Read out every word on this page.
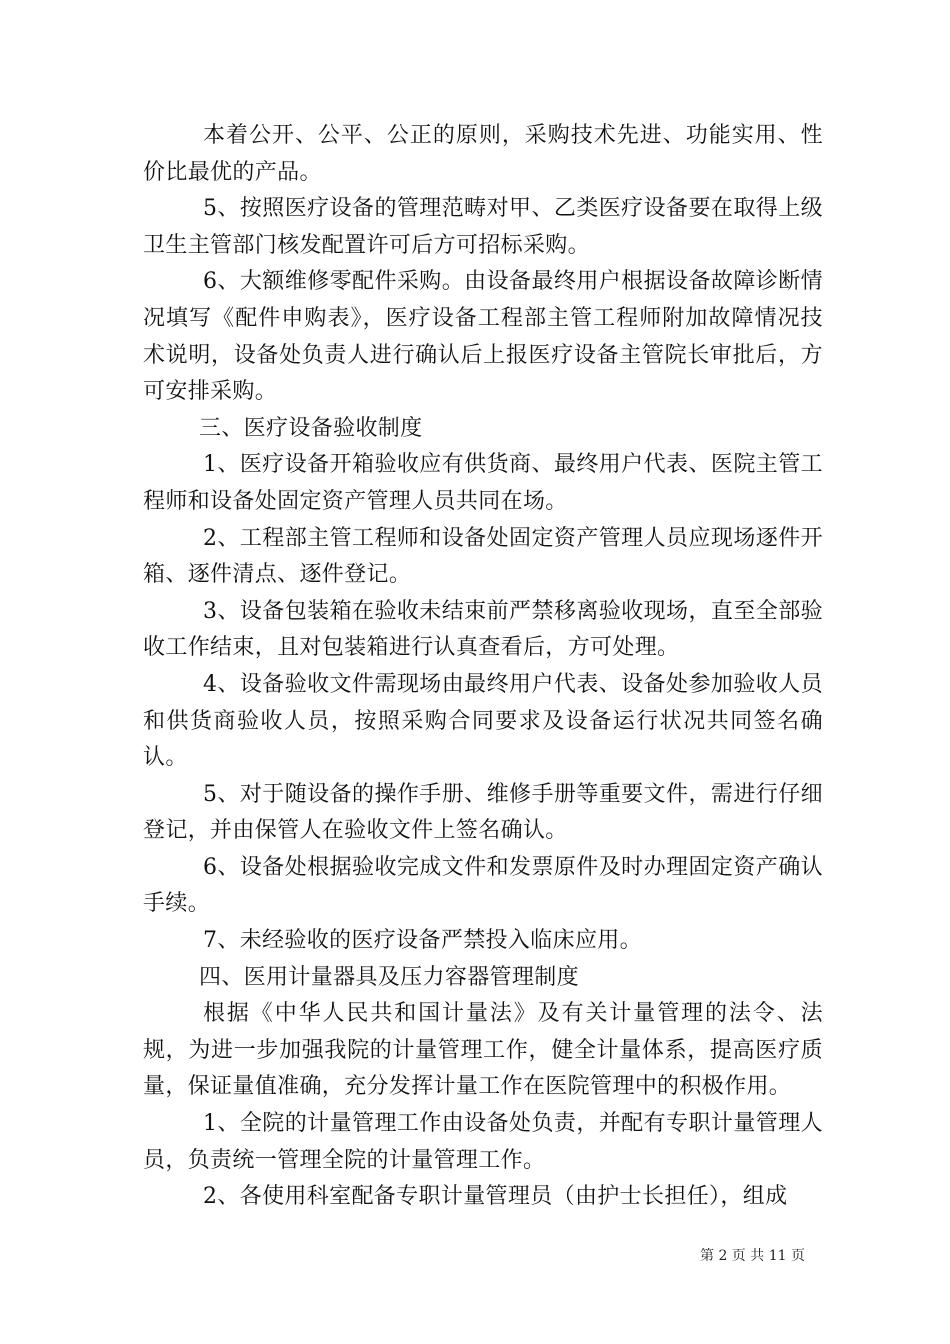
本着公开、公平、公正的原则，采购技术先进、功能实用、性价比最优的产品。

5、按照医疗设备的管理范畴对甲、乙类医疗设备要在取得上级卫生主管部门核发配置许可后方可招标采购。

6、大额维修零配件采购。由设备最终用户根据设备故障诊断情况填写《配件申购表》，医疗设备工程部主管工程师附加故障情况技术说明，设备处负责人进行确认后上报医疗设备主管院长审批后，方可安排采购。

三、医疗设备验收制度

1、医疗设备开箱验收应有供货商、最终用户代表、医院主管工程师和设备处固定资产管理人员共同在场。

2、工程部主管工程师和设备处固定资产管理人员应现场逐件开箱、逐件清点、逐件登记。

3、设备包装箱在验收未结束前严禁移离验收现场，直至全部验收工作结束，且对包装箱进行认真查看后，方可处理。

4、设备验收文件需现场由最终用户代表、设备处参加验收人员和供货商验收人员，按照采购合同要求及设备运行状况共同签名确认。

5、对于随设备的操作手册、维修手册等重要文件，需进行仔细登记，并由保管人在验收文件上签名确认。

6、设备处根据验收完成文件和发票原件及时办理固定资产确认手续。

7、未经验收的医疗设备严禁投入临床应用。

四、医用计量器具及压力容器管理制度

根据《中华人民共和国计量法》及有关计量管理的法令、法规，为进一步加强我院的计量管理工作，健全计量体系，提高医疗质量，保证量值准确，充分发挥计量工作在医院管理中的积极作用。

1、全院的计量管理工作由设备处负责，并配有专职计量管理人员，负责统一管理全院的计量管理工作。

2、各使用科室配备专职计量管理员（由护士长担任），组成

第 2 页 共 11 页
